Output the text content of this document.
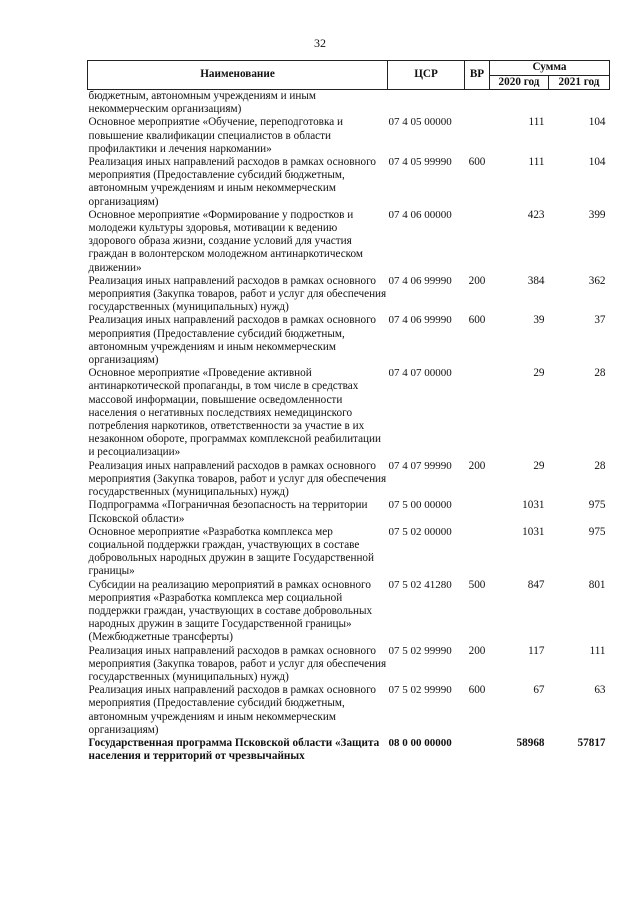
32
Наименование	ЦСР	ВР	Сумма	
			2020 год	2021 год
бюджетным, автономным учреждениям и иным некоммерческим организациям)				
Основное мероприятие «Обучение, переподготовка и повышение квалификации специалистов в области профилактики и лечения наркомании»	07 4 05 00000		111	104
Реализация иных направлений расходов в рамках основного мероприятия (Предоставление субсидий бюджетным, автономным учреждениям и иным некоммерческим организациям)	07 4 05 99990	600	111	104
Основное мероприятие «Формирование у подростков и молодежи культуры здоровья, мотивации к ведению здорового образа жизни, создание условий для участия граждан в волонтерском молодежном антинаркотическом движении»	07 4 06 00000		423	399
Реализация иных направлений расходов в рамках основного мероприятия (Закупка товаров, работ и услуг для обеспечения государственных (муниципальных) нужд)	07 4 06 99990	200	384	362
Реализация иных направлений расходов в рамках основного мероприятия (Предоставление субсидий бюджетным, автономным учреждениям и иным некоммерческим организациям)	07 4 06 99990	600	39	37
Основное мероприятие «Проведение активной антинаркотической пропаганды, в том числе в средствах массовой информации, повышение осведомленности населения о негативных последствиях немедицинского потребления наркотиков, ответственности за участие в их незаконном обороте, программах комплексной реабилитации и ресоциализации»	07 4 07 00000		29	28
Реализация иных направлений расходов в рамках основного мероприятия (Закупка товаров, работ и услуг для обеспечения государственных (муниципальных) нужд)	07 4 07 99990	200	29	28
Подпрограмма «Пограничная безопасность на территории Псковской области»	07 5 00 00000		1031	975
Основное мероприятие «Разработка комплекса мер социальной поддержки граждан, участвующих в составе добровольных народных дружин в защите Государственной границы»	07 5 02 00000		1031	975
Субсидии на реализацию мероприятий в рамках основного мероприятия «Разработка комплекса мер социальной поддержки граждан, участвующих в составе добровольных народных дружин в защите Государственной границы» (Межбюджетные трансферты)	07 5 02 41280	500	847	801
Реализация иных направлений расходов в рамках основного мероприятия (Закупка товаров, работ и услуг для обеспечения государственных (муниципальных) нужд)	07 5 02 99990	200	117	111
Реализация иных направлений расходов в рамках основного мероприятия (Предоставление субсидий бюджетным, автономным учреждениям и иным некоммерческим организациям)	07 5 02 99990	600	67	63
Государственная программа Псковской области «Защита населения и территорий от чрезвычайных	08 0 00 00000		58968	57817
